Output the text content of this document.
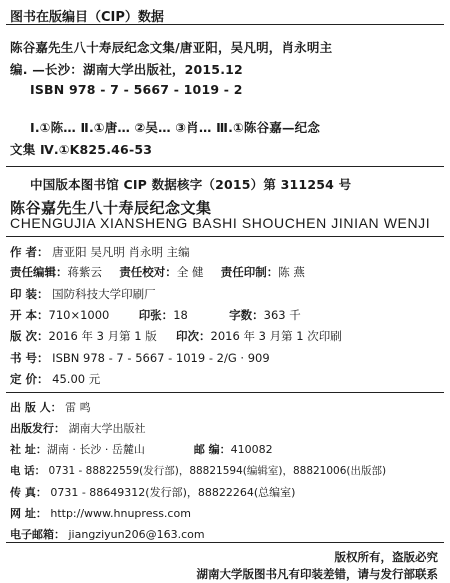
图书在版编目（CIP）数据
陈谷嘉先生八十寿辰纪念文集/唐亚阳，吴凡明，肖永明主
编. —长沙：湖南大学出版社，2015.12
ISBN 978 - 7 - 5667 - 1019 - 2
Ⅰ.①陈… Ⅱ.①唐… ②吴… ③肖… Ⅲ.①陈谷嘉—纪念
文集 Ⅳ.①K825.46-53
中国版本图书馆 CIP 数据核字（2015）第 311254 号
陈谷嘉先生八十寿辰纪念文集
CHENGUJIA XIANSHENG BASHI SHOUCHEN JINIAN WENJI
作 者： 唐亚阳 吴凡明 肖永明 主编
责任编辑：蒋紫云 责任校对：全 健 责任印制：陈 燕
印 装： 国防科技大学印刷厂
开 本：710×1000	印张：18	字数：363 千
版 次：2016 年 3 月第 1 版 印次：2016 年 3 月第 1 次印刷
书 号： ISBN 978 - 7 - 5667 - 1019 - 2/G · 909
定 价： 45.00 元
出 版 人： 雷 鸣
出版发行： 湖南大学出版社
社 址：湖南 · 长沙 · 岳麓山	邮 编：410082
电 话： 0731 - 88822559(发行部)，88821594(编辑室)，88821006(出版部)
传 真： 0731 - 88649312(发行部)，88822264(总编室)
网 址： http://www.hnupress.com
电子邮箱： jiangziyun206@163.com
版权所有，盗版必究
湖南大学版图书凡有印装差错，请与发行部联系
